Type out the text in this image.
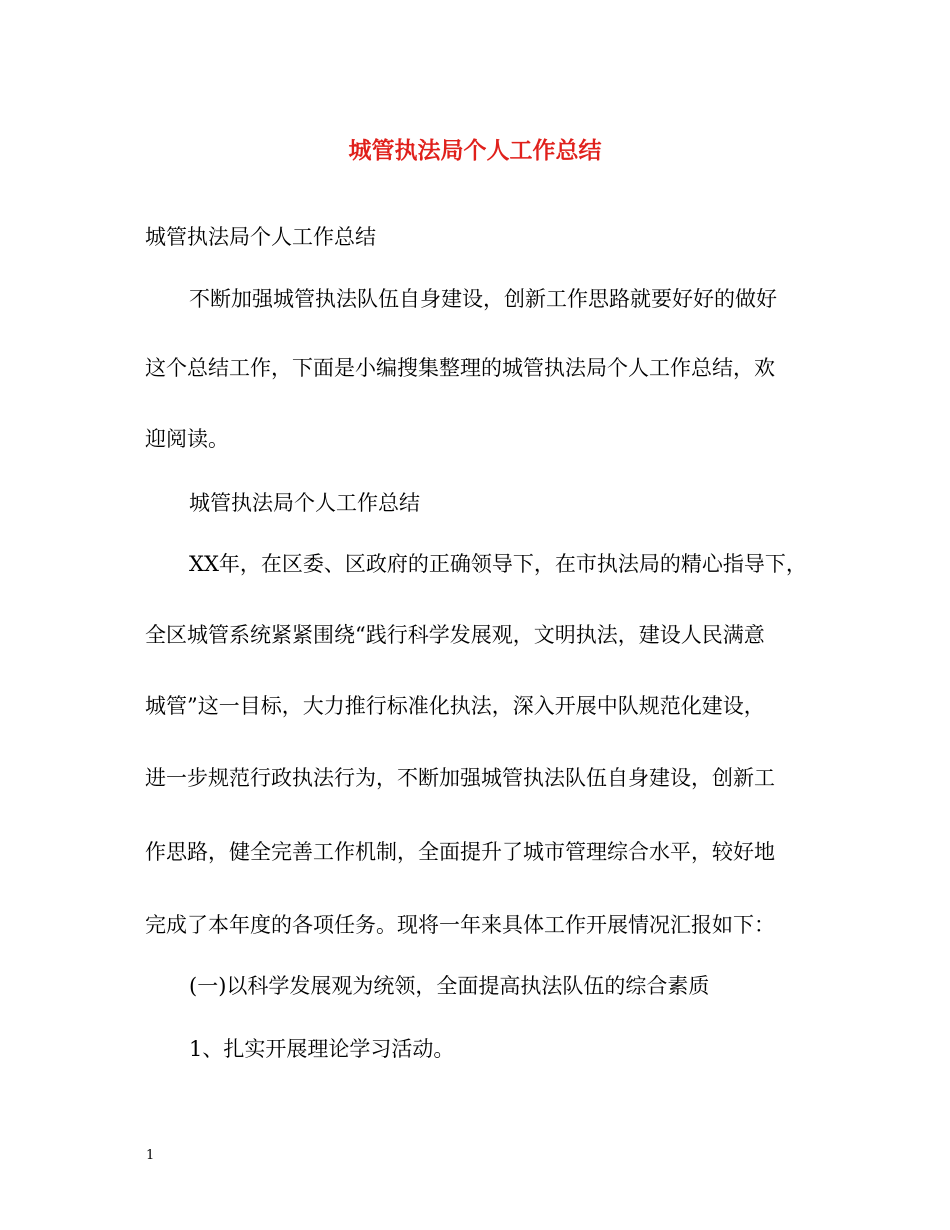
城管执法局个人工作总结
城管执法局个人工作总结
不断加强城管执法队伍自身建设，创新工作思路就要好好的做好
这个总结工作，下面是小编搜集整理的城管执法局个人工作总结，欢
迎阅读。
城管执法局个人工作总结
XX年，在区委、区政府的正确领导下，在市执法局的精心指导下，
全区城管系统紧紧围绕“践行科学发展观，文明执法，建设人民满意
城管”这一目标，大力推行标准化执法，深入开展中队规范化建设，
进一步规范行政执法行为，不断加强城管执法队伍自身建设，创新工
作思路，健全完善工作机制，全面提升了城市管理综合水平，较好地
完成了本年度的各项任务。现将一年来具体工作开展情况汇报如下：
(一)以科学发展观为统领，全面提高执法队伍的综合素质
1、扎实开展理论学习活动。
1
